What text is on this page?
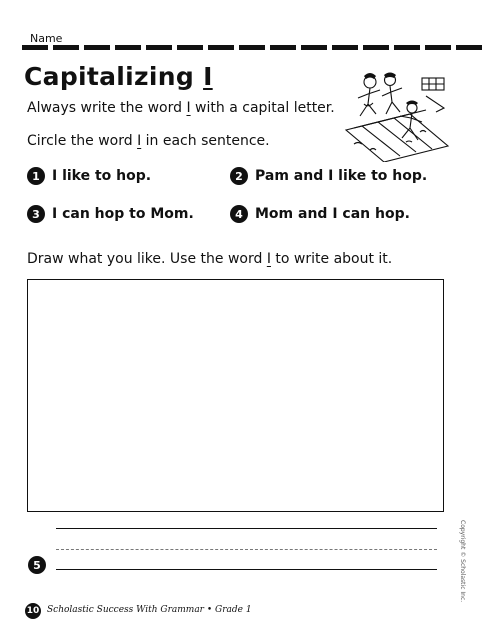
Name
Capitalizing I
Always write the word I with a capital letter.
Circle the word I in each sentence.
1 I like to hop.	2 Pam and I like to hop.
3 I can hop to Mom.	4 Mom and I can hop.
Draw what you like. Use the word I to write about it.
5
10 Scholastic Success With Grammar • Grade 1
Copyright © Scholastic Inc.
